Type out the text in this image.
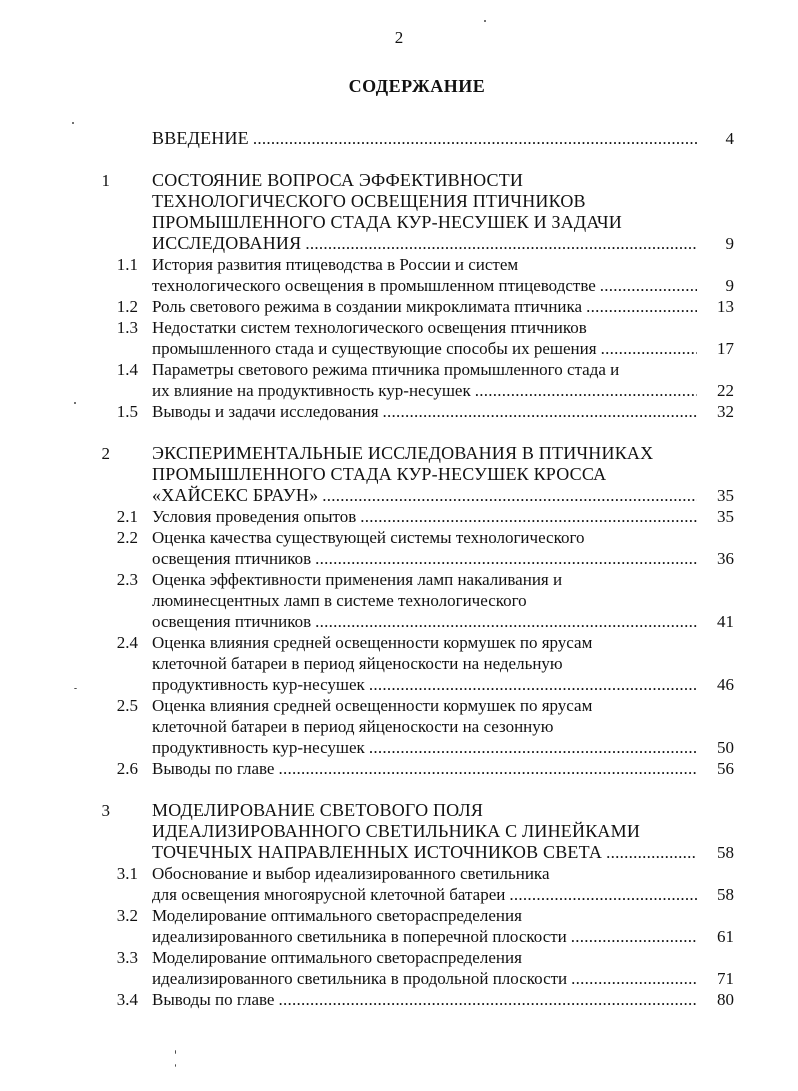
2
СОДЕРЖАНИЕ
ВВЕДЕНИЕ . . .	4
1 СОСТОЯНИЕ ВОПРОСА ЭФФЕКТИВНОСТИ
ТЕХНОЛОГИЧЕСКОГО ОСВЕЩЕНИЯ ПТИЧНИКОВ
ПРОМЫШЛЕННОГО СТАДА КУР-НЕСУШЕК И ЗАДАЧИ
ИССЛЕДОВАНИЯ . . .	9
1.1 История развития птицеводства в России и систем
технологического освещения в промышленном птицеводстве . . .	9
1.2 Роль светового режима в создании микроклимата птичника . . .	13
1.3 Недостатки систем технологического освещения птичников
промышленного стада и существующие способы их решения . . .	17
1.4 Параметры светового режима птичника промышленного стада и
их влияние на продуктивность кур-несушек . . .	22
1.5 Выводы и задачи исследования . . .	32
2 ЭКСПЕРИМЕНТАЛЬНЫЕ ИССЛЕДОВАНИЯ В ПТИЧНИКАХ
ПРОМЫШЛЕННОГО СТАДА КУР-НЕСУШЕК КРОССА
«ХАЙСЕКС БРАУН» . . .	35
2.1 Условия проведения опытов . . .	35
2.2 Оценка качества существующей системы технологического
освещения птичников . . .	36
2.3 Оценка эффективности применения ламп накаливания и
люминесцентных ламп в системе технологического
освещения птичников . . .	41
2.4 Оценка влияния средней освещенности кормушек по ярусам
клеточной батареи в период яйценоскости на недельную
продуктивность кур-несушек . . .	46
2.5 Оценка влияния средней освещенности кормушек по ярусам
клеточной батареи в период яйценоскости на сезонную
продуктивность кур-несушек . . .	50
2.6 Выводы по главе . . .	56
3 МОДЕЛИРОВАНИЕ СВЕТОВОГО ПОЛЯ
ИДЕАЛИЗИРОВАННОГО СВЕТИЛЬНИКА С ЛИНЕЙКАМИ
ТОЧЕЧНЫХ НАПРАВЛЕННЫХ ИСТОЧНИКОВ СВЕТА . . .	58
3.1 Обоснование и выбор идеализированного светильника
для освещения многоярусной клеточной батареи . . .	58
3.2 Моделирование оптимального светораспределения
идеализированного светильника в поперечной плоскости . . .	61
3.3 Моделирование оптимального светораспределения
идеализированного светильника в продольной плоскости . . .	71
3.4 Выводы по главе . . .	80
